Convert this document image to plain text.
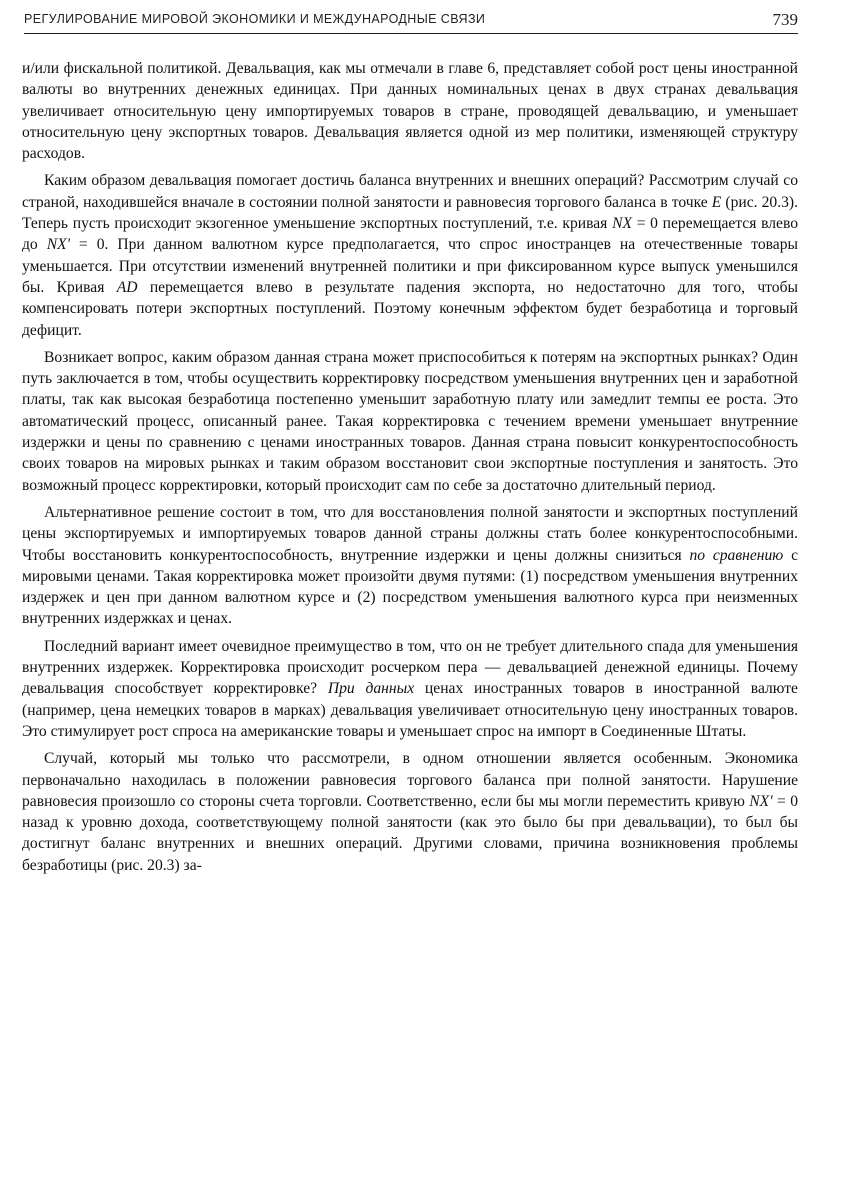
РЕГУЛИРОВАНИЕ МИРОВОЙ ЭКОНОМИКИ И МЕЖДУНАРОДНЫЕ СВЯЗИ	739

и/или фискальной политикой. Девальвация, как мы отмечали в главе 6, представляет собой рост цены иностранной валюты во внутренних денежных единицах. При данных номинальных ценах в двух странах девальвация увеличивает относительную цену импортируемых товаров в стране, проводящей девальвацию, и уменьшает относительную цену экспортных товаров. Девальвация является одной из мер политики, изменяющей структуру расходов.

Каким образом девальвация помогает достичь баланса внутренних и внешних операций? Рассмотрим случай со страной, находившейся вначале в состоянии полной занятости и равновесия торгового баланса в точке E (рис. 20.3). Теперь пусть происходит экзогенное уменьшение экспортных поступлений, т.е. кривая NX = 0 перемещается влево до NX' = 0. При данном валютном курсе предполагается, что спрос иностранцев на отечественные товары уменьшается. При отсутствии изменений внутренней политики и при фиксированном курсе выпуск уменьшился бы. Кривая AD перемещается влево в результате падения экспорта, но недостаточно для того, чтобы компенсировать потери экспортных поступлений. Поэтому конечным эффектом будет безработица и торговый дефицит.

Возникает вопрос, каким образом данная страна может приспособиться к потерям на экспортных рынках? Один путь заключается в том, чтобы осуществить корректировку посредством уменьшения внутренних цен и заработной платы, так как высокая безработица постепенно уменьшит заработную плату или замедлит темпы ее роста. Это автоматический процесс, описанный ранее. Такая корректировка с течением времени уменьшает внутренние издержки и цены по сравнению с ценами иностранных товаров. Данная страна повысит конкурентоспособность своих товаров на мировых рынках и таким образом восстановит свои экспортные поступления и занятость. Это возможный процесс корректировки, который происходит сам по себе за достаточно длительный период.

Альтернативное решение состоит в том, что для восстановления полной занятости и экспортных поступлений цены экспортируемых и импортируемых товаров данной страны должны стать более конкурентоспособными. Чтобы восстановить конкурентоспособность, внутренние издержки и цены должны снизиться по сравнению с мировыми ценами. Такая корректировка может произойти двумя путями: (1) посредством уменьшения внутренних издержек и цен при данном валютном курсе и (2) посредством уменьшения валютного курса при неизменных внутренних издержках и ценах.

Последний вариант имеет очевидное преимущество в том, что он не требует длительного спада для уменьшения внутренних издержек. Корректировка происходит росчерком пера — девальвацией денежной единицы. Почему девальвация способствует корректировке? При данных ценах иностранных товаров в иностранной валюте (например, цена немецких товаров в марках) девальвация увеличивает относительную цену иностранных товаров. Это стимулирует рост спроса на американские товары и уменьшает спрос на импорт в Соединенные Штаты.

Случай, который мы только что рассмотрели, в одном отношении является особенным. Экономика первоначально находилась в положении равновесия торгового баланса при полной занятости. Нарушение равновесия произошло со стороны счета торговли. Соответственно, если бы мы могли переместить кривую NX' = 0 назад к уровню дохода, соответствующему полной занятости (как это было бы при девальвации), то был бы достигнут баланс внутренних и внешних операций. Другими словами, причина возникновения проблемы безработицы (рис. 20.3) за-
